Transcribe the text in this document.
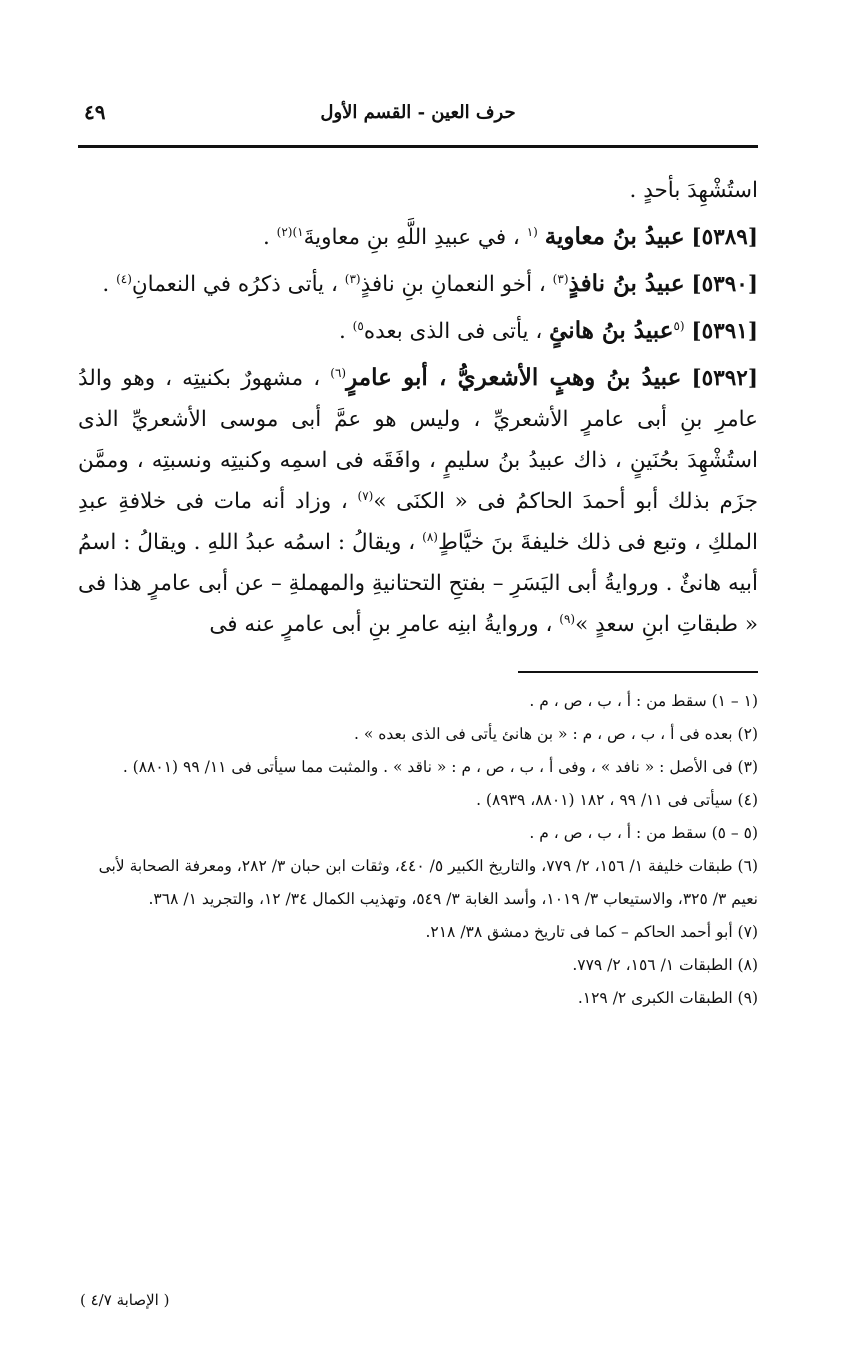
حرف العين - القسم الأول
٤٩

استُشْهِدَ بأحدٍ .

[٥٣٨٩] عبيدُ بنُ معاوية $^{(١}$ ، في عبيدِ اللَّهِ بنِ معاويةَ$^{١)(٢)}$ .

[٥٣٩٠] عبيدُ بنُ نافذٍ$^{(٣)}$ ، أخو النعمانِ بنِ نافذٍ$^{(٣)}$ ، يأتى ذكرُه في النعمانِ$^{(٤)}$ .

[٥٣٩١] $^{(٥}$عبيدُ بنُ هانئٍ ، يأتى فى الذى بعده$^{٥)}$ .

[٥٣٩٢] عبيدُ بنُ وهبٍ الأشعريُّ ، أبو عامرٍ$^{(٦)}$ ، مشهورٌ بكنيتِه ، وهو والدُ عامرِ بنِ أبى عامرٍ الأشعريِّ ، وليس هو عمَّ أبى موسى الأشعريِّ الذى استُشْهِدَ بحُنَينٍ ، ذاك عبيدُ بنُ سليمٍ ، وافَقَه فى اسمِه وكنيتِه ونسبتِه ، وممَّن جزَم بذلك أبو أحمدَ الحاكمُ فى « الكنَى »$^{(٧)}$ ، وزاد أنه مات فى خلافةِ عبدِ الملكِ ، وتبع فى ذلك خليفةَ بنَ خيَّاطٍ$^{(٨)}$ ، ويقالُ : اسمُه عبدُ اللهِ . ويقالُ : اسمُ أبيه هانئٌ . وروايةُ أبى اليَسَرِ – بفتحِ التحتانيةِ والمهملةِ – عن أبى عامرٍ هذا فى « طبقاتِ ابنِ سعدٍ »$^{(٩)}$ ، وروايةُ ابنِه عامرِ بنِ أبى عامرٍ عنه فى

(١ – ١) سقط من : أ ، ب ، ص ، م .

(٢) بعده فى أ ، ب ، ص ، م : « بن هانئ يأتى فى الذى بعده » .

(٣) فى الأصل : « نافد » ، وفى أ ، ب ، ص ، م : « ناقد » . والمثبت مما سيأتى فى ١١/ ٩٩ (٨٨٠١) .

(٤) سيأتى فى ١١/ ٩٩ ، ١٨٢ (٨٨٠١، ٨٩٣٩) .

(٥ – ٥) سقط من : أ ، ب ، ص ، م .

(٦) طبقات خليفة ١/ ١٥٦، ٢/ ٧٧٩، والتاريخ الكبير ٥/ ٤٤٠، وثقات ابن حبان ٣/ ٢٨٢، ومعرفة الصحابة لأبى نعيم ٣/ ٣٢٥، والاستيعاب ٣/ ١٠١٩، وأسد الغابة ٣/ ٥٤٩، وتهذيب الكمال ٣٤/ ١٢، والتجريد ١/ ٣٦٨.

(٧) أبو أحمد الحاكم – كما فى تاريخ دمشق ٣٨/ ٢١٨.

(٨) الطبقات ١/ ١٥٦، ٢/ ٧٧٩.

(٩) الطبقات الكبرى ٢/ ١٢٩.

( الإصابة ٤/٧ )
